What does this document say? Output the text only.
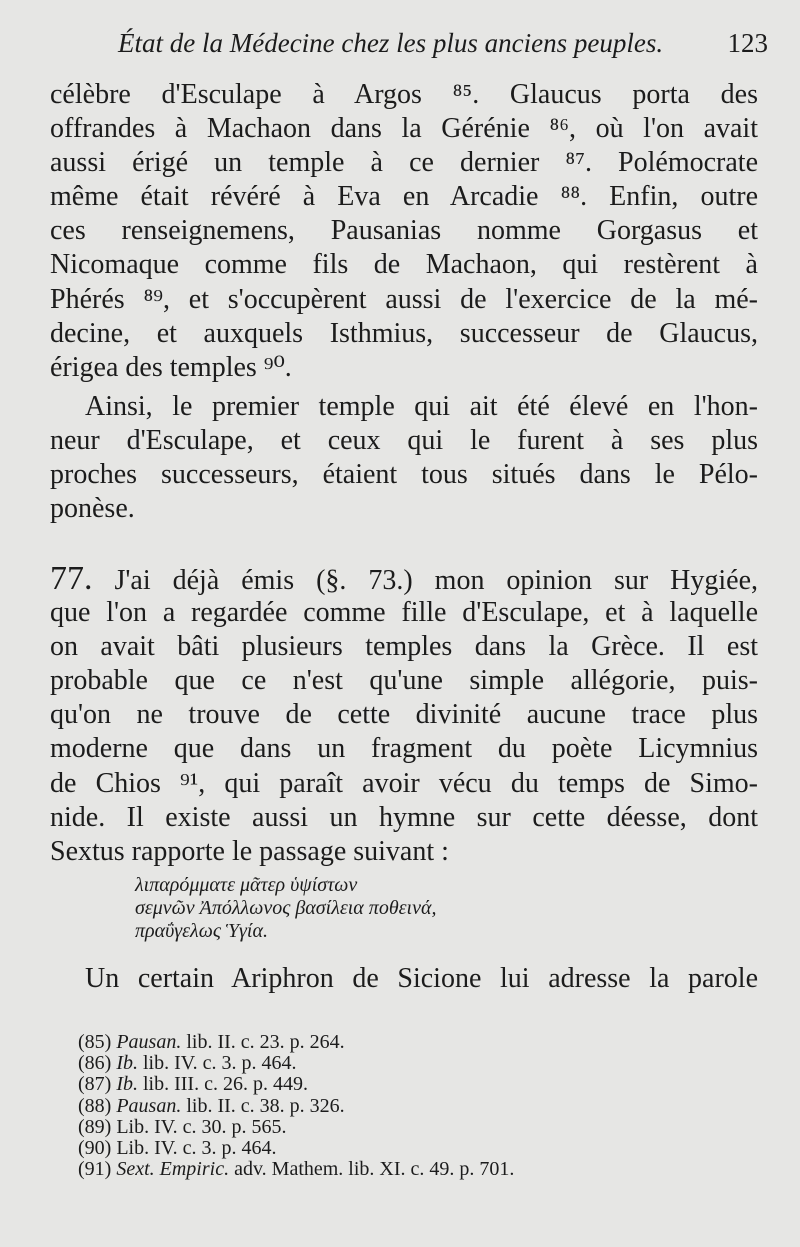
État de la Médecine chez les plus anciens peuples. 123
célèbre d'Esculape à Argos ⁸⁵. Glaucus porta des
offrandes à Machaon dans la Gérénie ⁸⁶, où l'on avait
aussi érigé un temple à ce dernier ⁸⁷. Polémocrate
même était révéré à Eva en Arcadie ⁸⁸. Enfin, outre
ces renseignemens, Pausanias nomme Gorgasus et
Nicomaque comme fils de Machaon, qui restèrent à
Phérés ⁸⁹, et s'occupèrent aussi de l'exercice de la mé-
decine, et auxquels Isthmius, successeur de Glaucus,
érigea des temples ⁹⁰.
Ainsi, le premier temple qui ait été élevé en l'hon-
neur d'Esculape, et ceux qui le furent à ses plus
proches successeurs, étaient tous situés dans le Pélo-
ponèse.
77. J'ai déjà émis (§. 73.) mon opinion sur Hygiée,
que l'on a regardée comme fille d'Esculape, et à laquelle
on avait bâti plusieurs temples dans la Grèce. Il est
probable que ce n'est qu'une simple allégorie, puis-
qu'on ne trouve de cette divinité aucune trace plus
moderne que dans un fragment du poète Licymnius
de Chios ⁹¹, qui paraît avoir vécu du temps de Simo-
nide. Il existe aussi un hymne sur cette déesse, dont
Sextus rapporte le passage suivant :
λιπαρόμματε μᾶτερ ὑψίστων
σεμνῶν Ἀπόλλωνος βασίλεια ποθεινά,
πραΰγελως Ὑγία.
Un certain Ariphron de Sicione lui adresse la parole
(85) Pausan. lib. II. c. 23. p. 264.
(86) Ib. lib. IV. c. 3. p. 464.
(87) Ib. lib. III. c. 26. p. 449.
(88) Pausan. lib. II. c. 38. p. 326.
(89) Lib. IV. c. 30. p. 565.
(90) Lib. IV. c. 3. p. 464.
(91) Sext. Empiric. adv. Mathem. lib. XI. c. 49. p. 701.
